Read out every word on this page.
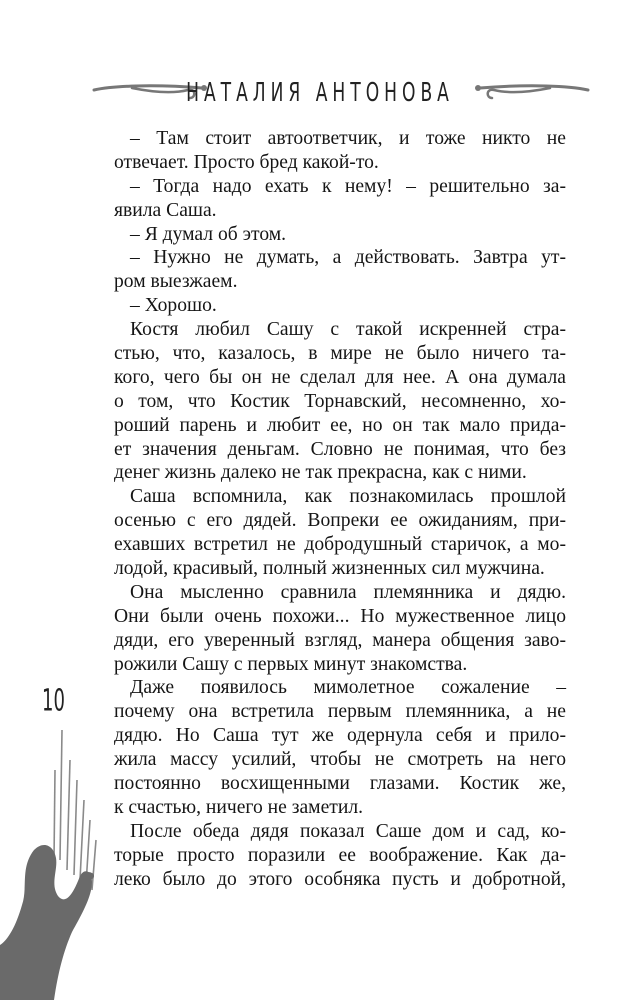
НАТАЛИЯ АНТОНОВА
– Там стоит автоответчик, и тоже никто не
отвечает. Просто бред какой-то.
– Тогда надо ехать к нему! – решительно за-
явила Саша.
– Я думал об этом.
– Нужно не думать, а действовать. Завтра ут-
ром выезжаем.
– Хорошо.
Костя любил Сашу с такой искренней стра-
стью, что, казалось, в мире не было ничего та-
кого, чего бы он не сделал для нее. А она думала
о том, что Костик Торнавский, несомненно, хо-
роший парень и любит ее, но он так мало прида-
ет значения деньгам. Словно не понимая, что без
денег жизнь далеко не так прекрасна, как с ними.
Саша вспомнила, как познакомилась прошлой
осенью с его дядей. Вопреки ее ожиданиям, при-
ехавших встретил не добродушный старичок, а мо-
лодой, красивый, полный жизненных сил мужчина.
Она мысленно сравнила племянника и дядю.
Они были очень похожи... Но мужественное лицо
дяди, его уверенный взгляд, манера общения заво-
рожили Сашу с первых минут знакомства.
Даже появилось мимолетное сожаление –
почему она встретила первым племянника, а не
дядю. Но Саша тут же одернула себя и прило-
жила массу усилий, чтобы не смотреть на него
постоянно восхищенными глазами. Костик же,
к счастью, ничего не заметил.
После обеда дядя показал Саше дом и сад, ко-
торые просто поразили ее воображение. Как да-
леко было до этого особняка пусть и добротной,
10
